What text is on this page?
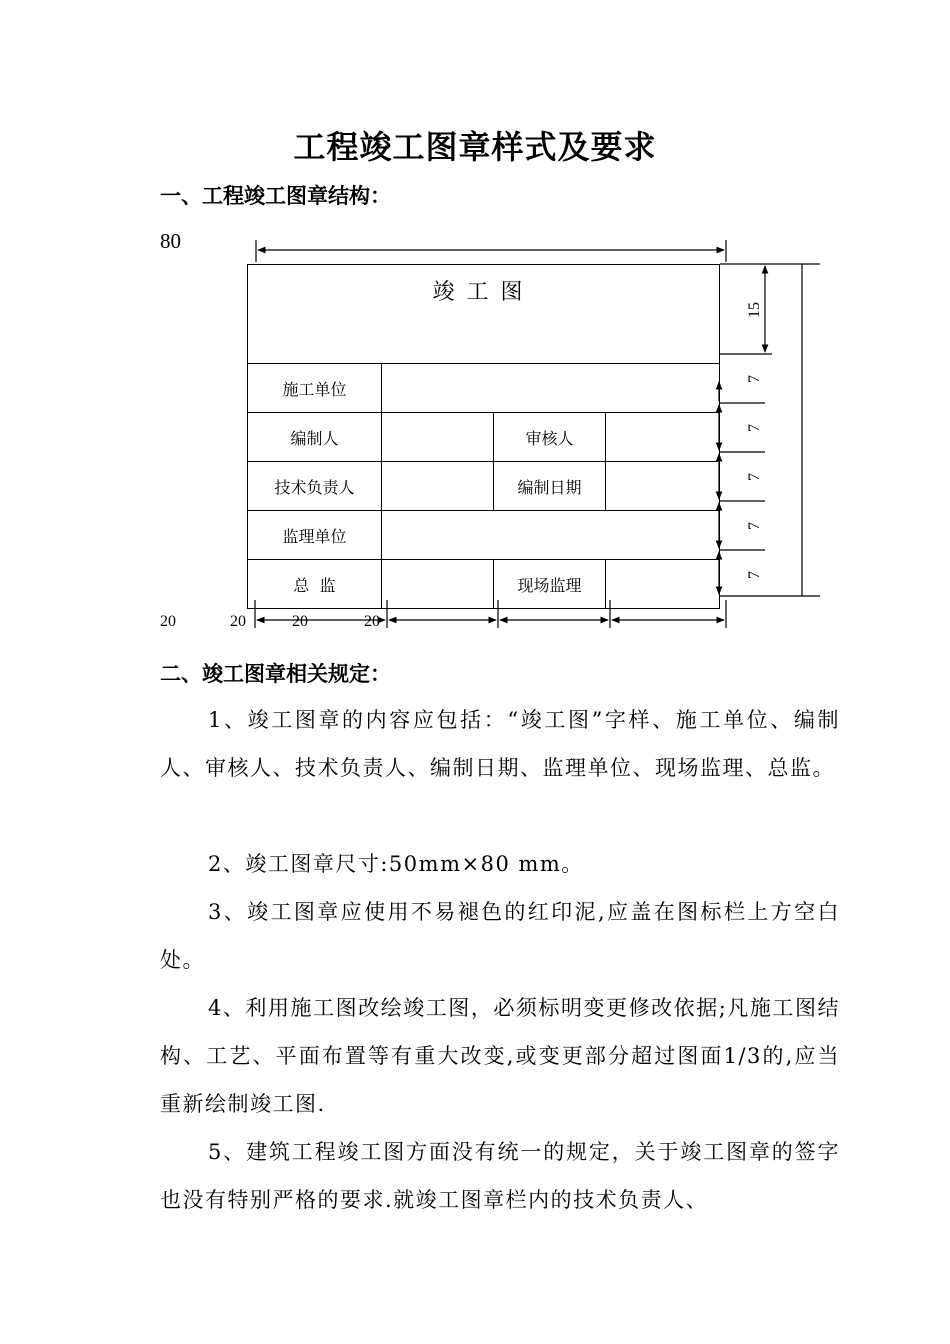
工程竣工图章样式及要求
一、工程竣工图章结构：
80
20	20	20	20
竣工图			
施工单位			
编制人		审核人	
技术负责人		编制日期	
监理单位			
总  监		现场监理	
15
7
7
7
7
7
二、竣工图章相关规定：
1、竣工图章的内容应包括：“竣工图”字样、施工单位、编制人、审核人、技术负责人、编制日期、监理单位、现场监理、总监。
2、竣工图章尺寸:50mm×80 mm。
3、竣工图章应使用不易褪色的红印泥,应盖在图标栏上方空白处。
4、利用施工图改绘竣工图，必须标明变更修改依据;凡施工图结构、工艺、平面布置等有重大改变,或变更部分超过图面1/3的,应当重新绘制竣工图.
5、建筑工程竣工图方面没有统一的规定，关于竣工图章的签字也没有特别严格的要求.就竣工图章栏内的技术负责人、
